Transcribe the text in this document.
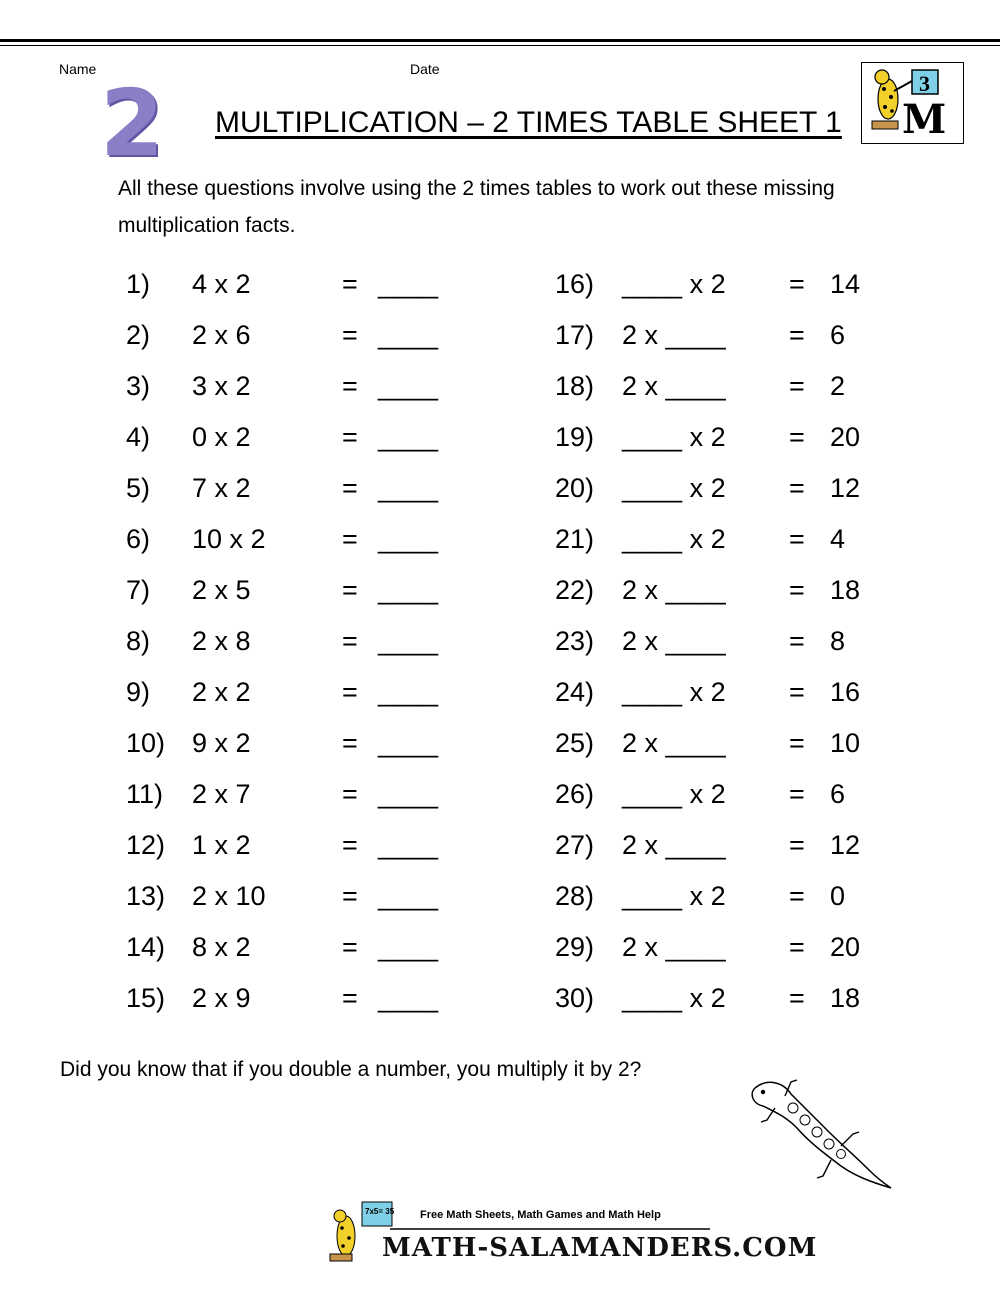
Name	Date
2 MULTIPLICATION – 2 TIMES TABLE SHEET 1
3
M
All these questions involve using the 2 times tables to work out these missing multiplication facts.
1) 4 x 2	= ____
2) 2 x 6	= ____
3) 3 x 2	= ____
4) 0 x 2	= ____
5) 7 x 2	= ____
6) 10 x 2	= ____
7) 2 x 5	= ____
8) 2 x 8	= ____
9) 2 x 2	= ____
10) 9 x 2	= ____
11) 2 x 7	= ____
12) 1 x 2	= ____
13) 2 x 10	= ____
14) 8 x 2	= ____
15) 2 x 9	= ____
16) ____ x 2 = 14
17) 2 x ____ = 6
18) 2 x ____ = 2
19) ____ x 2 = 20
20) ____ x 2 = 12
21) ____ x 2 = 4
22) 2 x ____ = 18
23) 2 x ____ = 8
24) ____ x 2 = 16
25) 2 x ____ = 10
26) ____ x 2 = 6
27) 2 x ____ = 12
28) ____ x 2 = 0
29) 2 x ____ = 20
30) ____ x 2 = 18
Did you know that if you double a number, you multiply it by 2?
7x5= 35 Free Math Sheets, Math Games and Math Help
MATH-SALAMANDERS.COM
